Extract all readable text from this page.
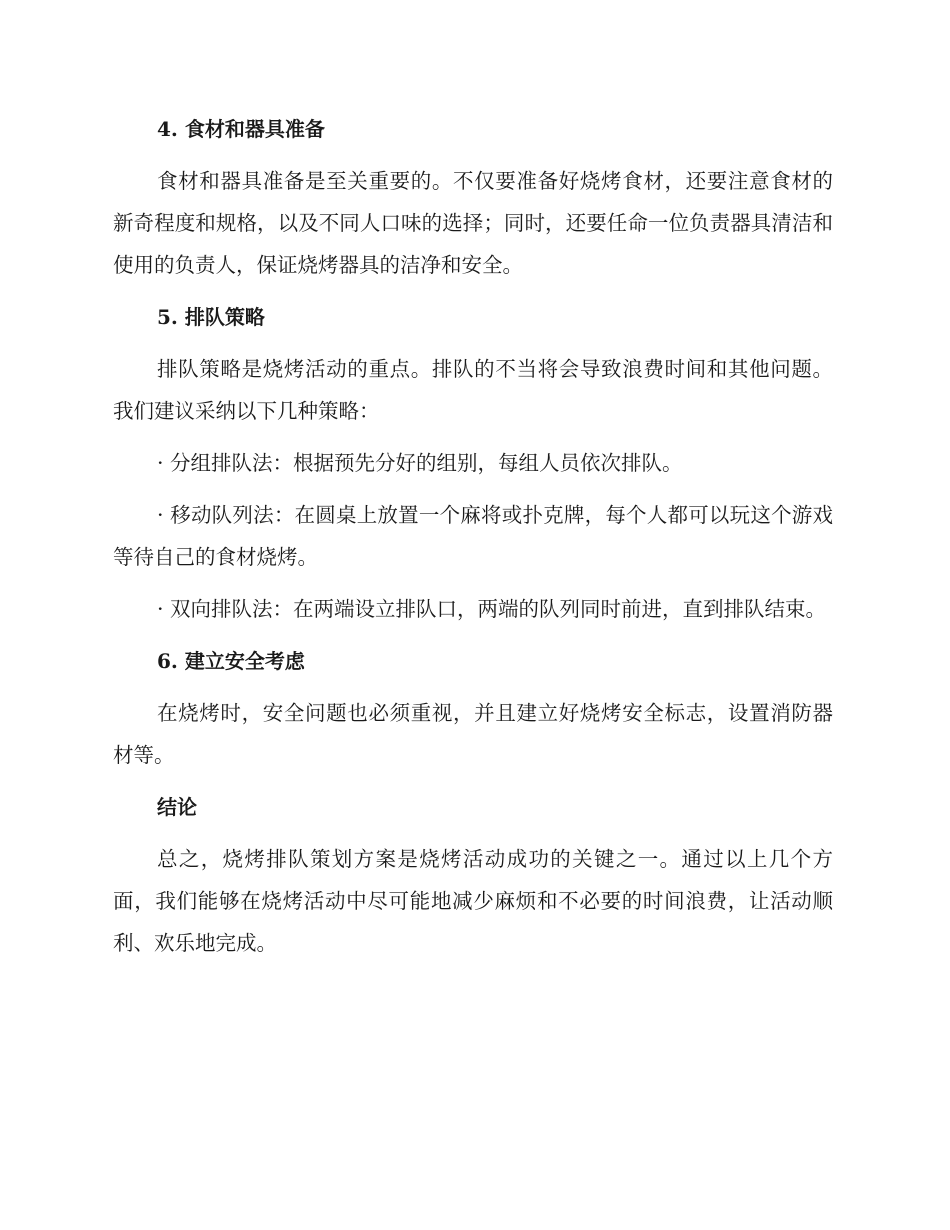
4. 食材和器具准备

食材和器具准备是至关重要的。不仅要准备好烧烤食材，还要注意食材的新奇程度和规格，以及不同人口味的选择；同时，还要任命一位负责器具清洁和使用的负责人，保证烧烤器具的洁净和安全。

5. 排队策略

排队策略是烧烤活动的重点。排队的不当将会导致浪费时间和其他问题。我们建议采纳以下几种策略：

· 分组排队法：根据预先分好的组别，每组人员依次排队。

· 移动队列法：在圆桌上放置一个麻将或扑克牌，每个人都可以玩这个游戏等待自己的食材烧烤。

· 双向排队法：在两端设立排队口，两端的队列同时前进，直到排队结束。

6. 建立安全考虑

在烧烤时，安全问题也必须重视，并且建立好烧烤安全标志，设置消防器材等。

结论

总之，烧烤排队策划方案是烧烤活动成功的关键之一。通过以上几个方面，我们能够在烧烤活动中尽可能地减少麻烦和不必要的时间浪费，让活动顺利、欢乐地完成。
